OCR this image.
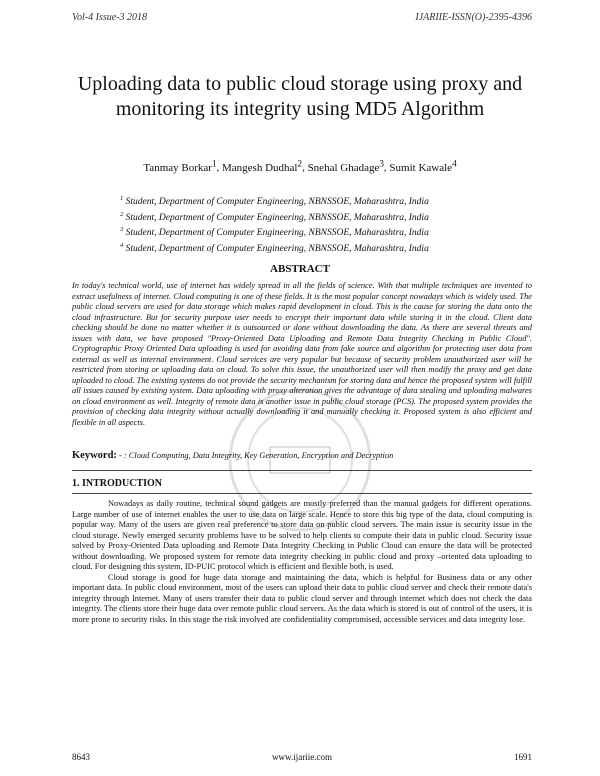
Vol-4 Issue-3 2018	IJARIIE-ISSN(O)-2395-4396
Uploading data to public cloud storage using proxy and monitoring its integrity using MD5 Algorithm
Tanmay Borkar$^1$, Mangesh Dudhal$^2$, Snehal Ghadage$^3$, Sumit Kawale$^4$
$^1$ Student, Department of Computer Engineering, NBNSSOE, Maharashtra, India
$^2$ Student, Department of Computer Engineering, NBNSSOE, Maharashtra, India
$^3$ Student, Department of Computer Engineering, NBNSSOE, Maharashtra, India
$^4$ Student, Department of Computer Engineering, NBNSSOE, Maharashtra, India
ABSTRACT

In today's technical world, use of internet has widely spread in all the fields of science. With that multiple techniques are invented to extract usefulness of internet. Cloud computing is one of these fields. It is the most popular concept nowadays which is widely used. The public cloud servers are used for data storage which makes rapid development in cloud. This is the cause for storing the data onto the cloud infrastructure. But for security purpose user needs to encrypt their important data while storing it in the cloud. Client data checking should be done no matter whether it is outsourced or done without downloading the data. As there are several threats and issues with data, we have proposed "Proxy-Oriented Data Uploading and Remote Data Integrity Checking in Public Cloud". Cryptographic Proxy Oriented Data uploading is used for avoiding data from fake source and algorithm for protecting user data from external as well as internal environment. Cloud services are very popular but because of security problem unauthorized user will be restricted from storing or uploading data on cloud. To solve this issue, the unauthorized user will then modify the proxy and get data uploaded to cloud. The existing systems do not provide the security mechanism for storing data and hence the proposed system will fulfill all issues caused by existing system. Data uploading with proxy alteration gives the advantage of data stealing and uploading malwares on cloud environment as well. Integrity of remote data is another issue in public cloud storage (PCS). The proposed system provides the provision of checking data integrity without actually downloading it and manually checking it. Proposed system is also efficient and flexible in all aspects.

Keyword: - : Cloud Computing, Data Integrity, Key Generation, Encryption and Decryption
1. INTRODUCTION

Nowadays as daily routine, technical sound gadgets are mostly preferred than the manual gadgets for different operations. Large number of use of internet enables the user to use data on large scale. Hence to store this big type of the data, cloud computing is popular way. Many of the users are given real preference to store data on public cloud servers. The main issue is security issue in the cloud storage. Newly emerged security problems have to be solved to help clients to compute their data in public cloud. Security issue solved by Proxy-Oriented Data uploading and Remote Data Integrity Checking in Public Cloud can ensure the data will be protected without downloading. We proposed system for remote data integrity checking in public cloud and proxy –oriented data uploading to cloud. For designing this system, ID-PUIC protocol which is efficient and flexible both, is used.

Cloud storage is good for huge data storage and maintaining the data, which is helpful for Business data or any other important data. In public cloud environment, most of the users can upload their data to public cloud server and check their remote data's integrity through Internet. Many of users transfer their data to public cloud server and through internet which does not check the data integrity. The clients store their huge data over remote public cloud servers. As the data which is stored is out of control of the users, it is more prone to security risks. In this stage the risk involved are confidentiality compromised, accessible services and data integrity lose.

8643	www.ijariie.com	1691
